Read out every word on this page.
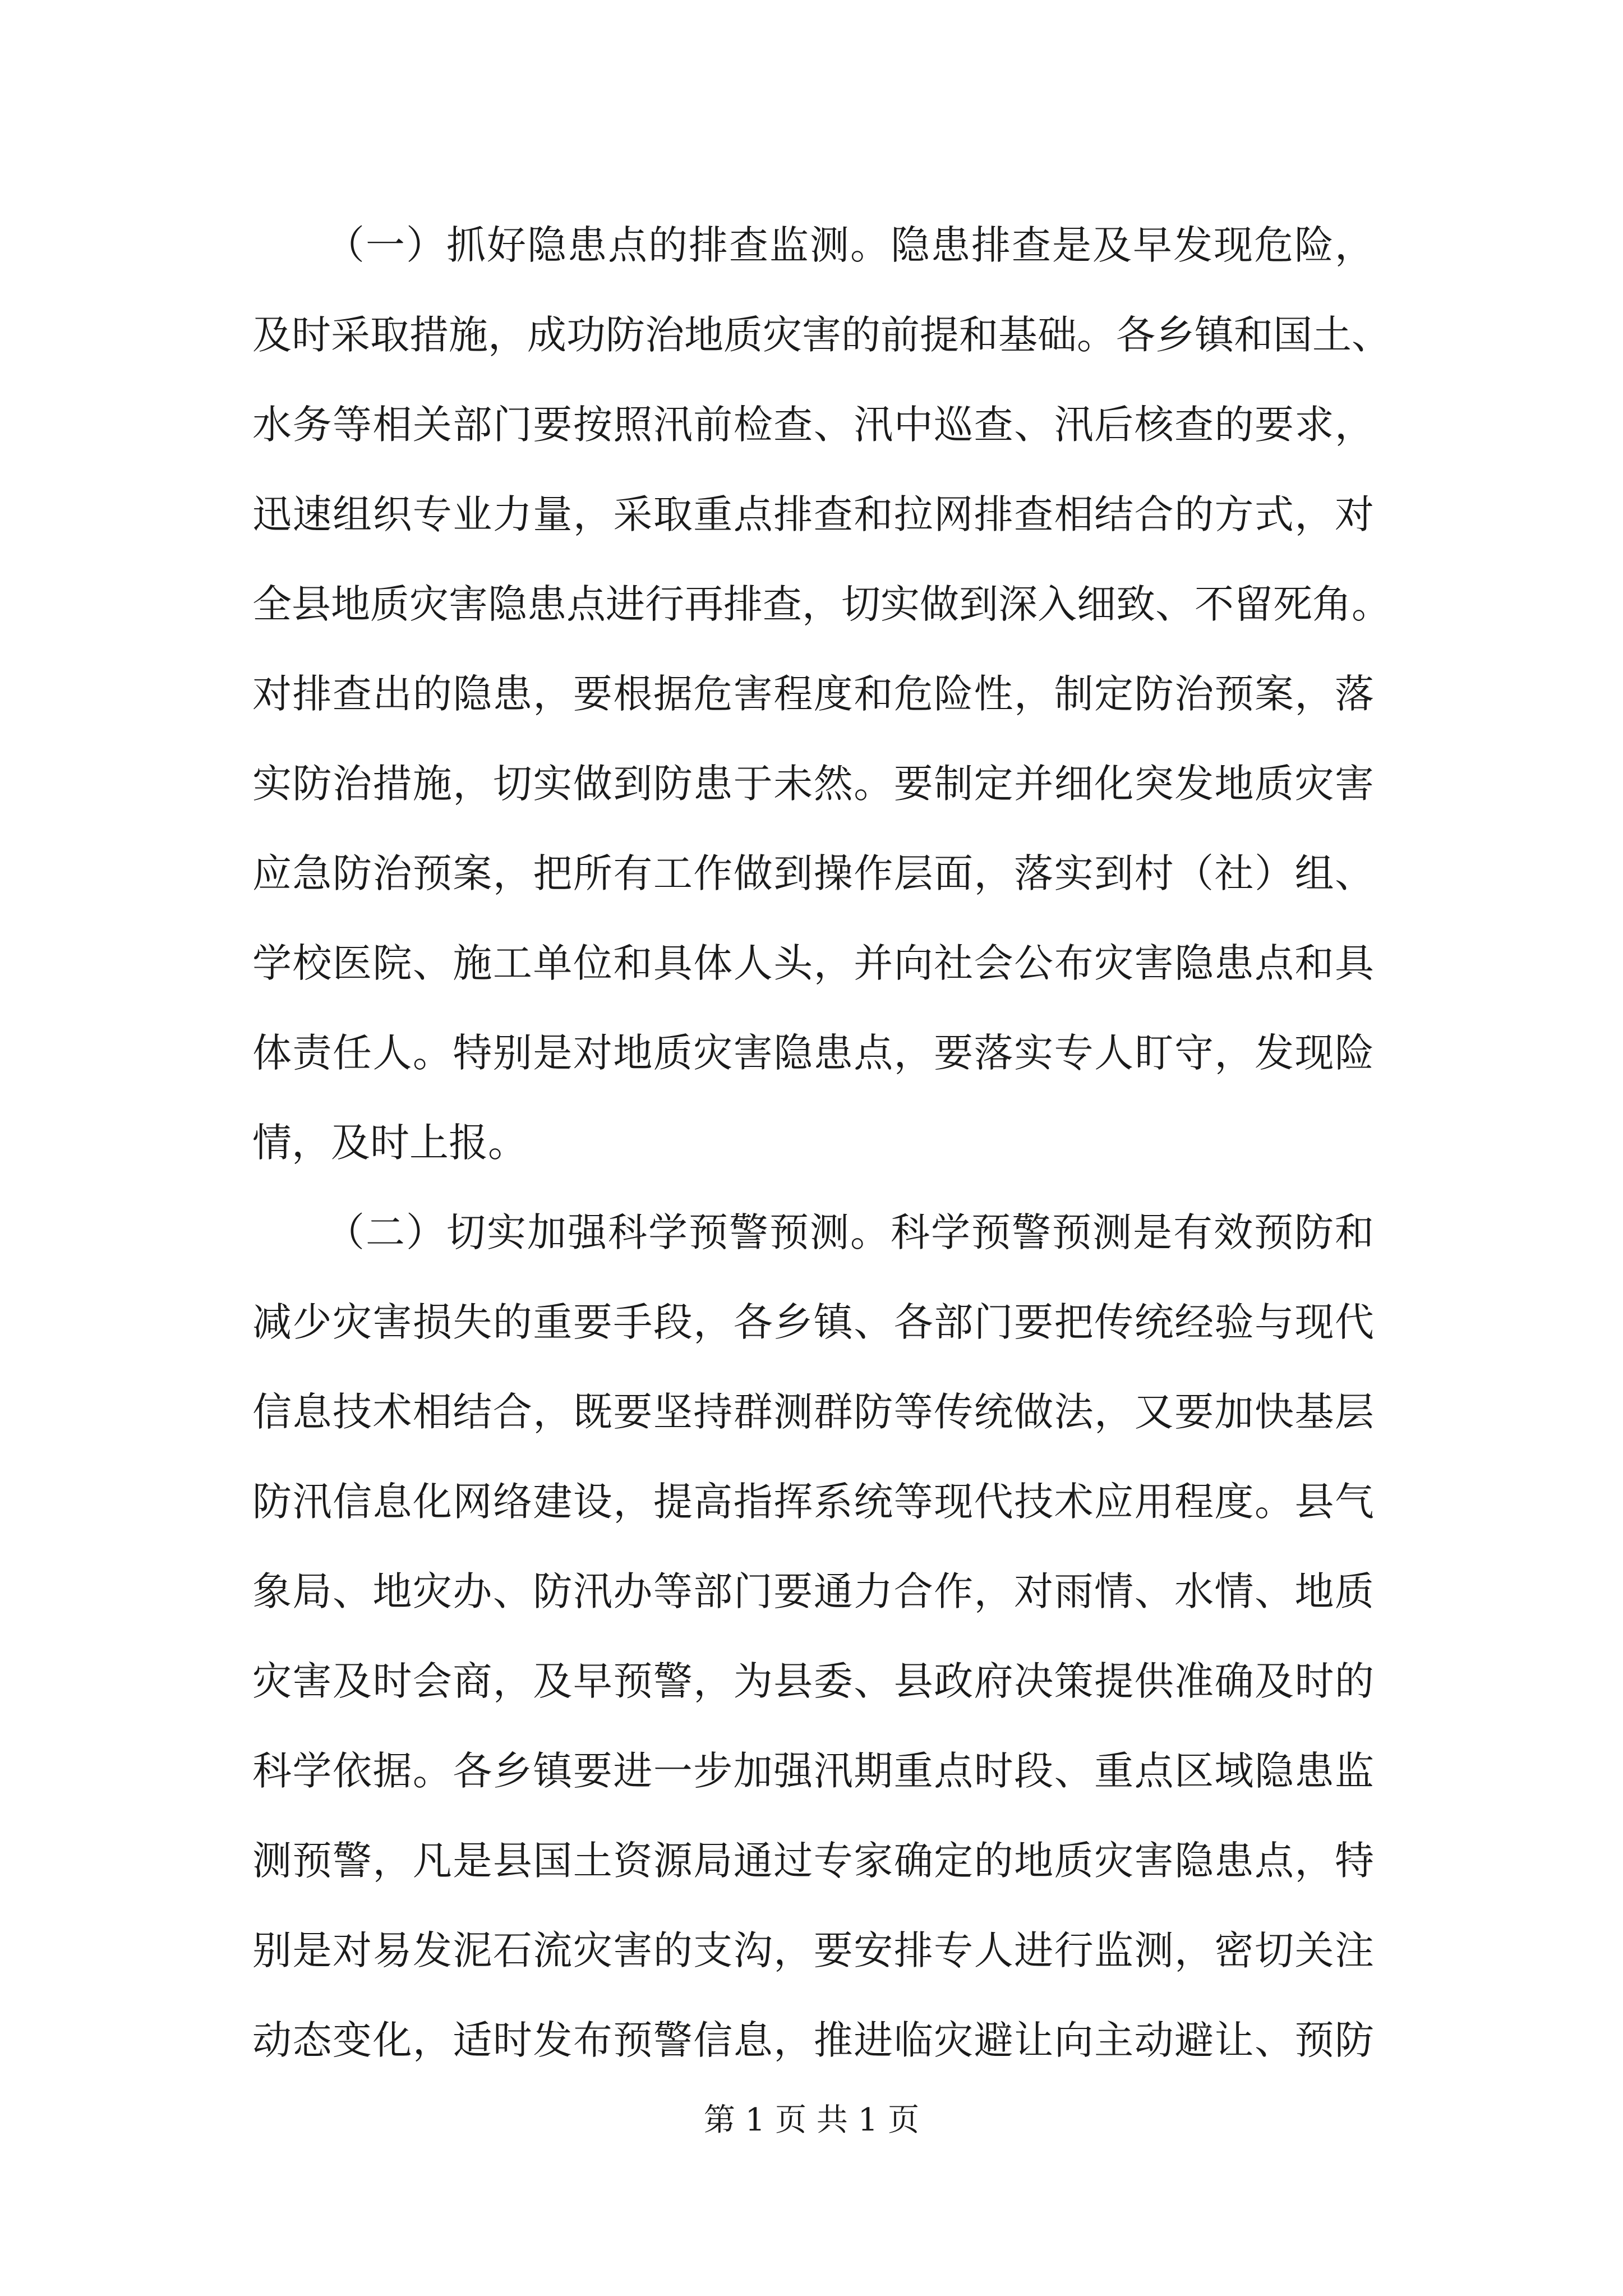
（一）抓好隐患点的排查监测。隐患排查是及早发现危险，
及时采取措施，成功防治地质灾害的前提和基础。各乡镇和国土、
水务等相关部门要按照汛前检查、汛中巡查、汛后核查的要求，
迅速组织专业力量，采取重点排查和拉网排查相结合的方式，对
全县地质灾害隐患点进行再排查，切实做到深入细致、不留死角。
对排查出的隐患，要根据危害程度和危险性，制定防治预案，落
实防治措施，切实做到防患于未然。要制定并细化突发地质灾害
应急防治预案，把所有工作做到操作层面，落实到村（社）组、
学校医院、施工单位和具体人头，并向社会公布灾害隐患点和具
体责任人。特别是对地质灾害隐患点，要落实专人盯守，发现险
情，及时上报。
（二）切实加强科学预警预测。科学预警预测是有效预防和
减少灾害损失的重要手段，各乡镇、各部门要把传统经验与现代
信息技术相结合，既要坚持群测群防等传统做法，又要加快基层
防汛信息化网络建设，提高指挥系统等现代技术应用程度。县气
象局、地灾办、防汛办等部门要通力合作，对雨情、水情、地质
灾害及时会商，及早预警，为县委、县政府决策提供准确及时的
科学依据。各乡镇要进一步加强汛期重点时段、重点区域隐患监
测预警，凡是县国土资源局通过专家确定的地质灾害隐患点，特
别是对易发泥石流灾害的支沟，要安排专人进行监测，密切关注
动态变化，适时发布预警信息，推进临灾避让向主动避让、预防
第 1 页 共 1 页
